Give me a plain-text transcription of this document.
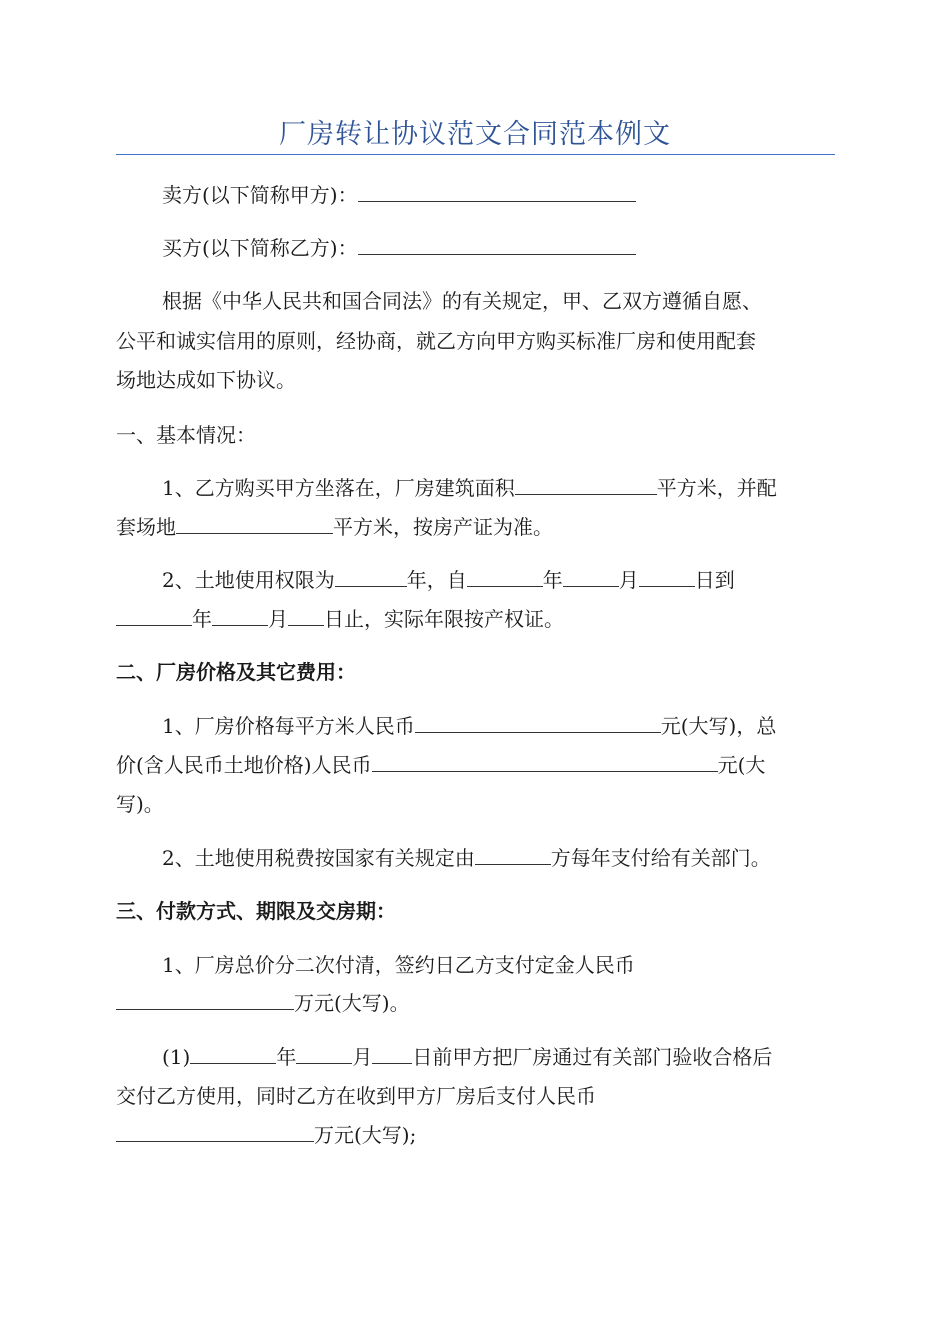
厂房转让协议范文合同范本例文
卖方(以下简称甲方)：
买方(以下简称乙方)：
根据《中华人民共和国合同法》的有关规定，甲、乙双方遵循自愿、
公平和诚实信用的原则，经协商，就乙方向甲方购买标准厂房和使用配套
场地达成如下协议。
一、基本情况：
1、乙方购买甲方坐落在，厂房建筑面积	平方米，并配
套场地	平方米，按房产证为准。
2、土地使用权限为	年，自	年	月	日到
年	月 日止，实际年限按产权证。
二、厂房价格及其它费用：
1、厂房价格每平方米人民币	元(大写)，总
价(含人民币土地价格)人民币	元(大
写)。
2、土地使用税费按国家有关规定由	方每年支付给有关部门。
三、付款方式、期限及交房期：
1、厂房总价分二次付清，签约日乙方支付定金人民币
万元(大写)。
(1)	年	月 日前甲方把厂房通过有关部门验收合格后
交付乙方使用，同时乙方在收到甲方厂房后支付人民币
万元(大写);
